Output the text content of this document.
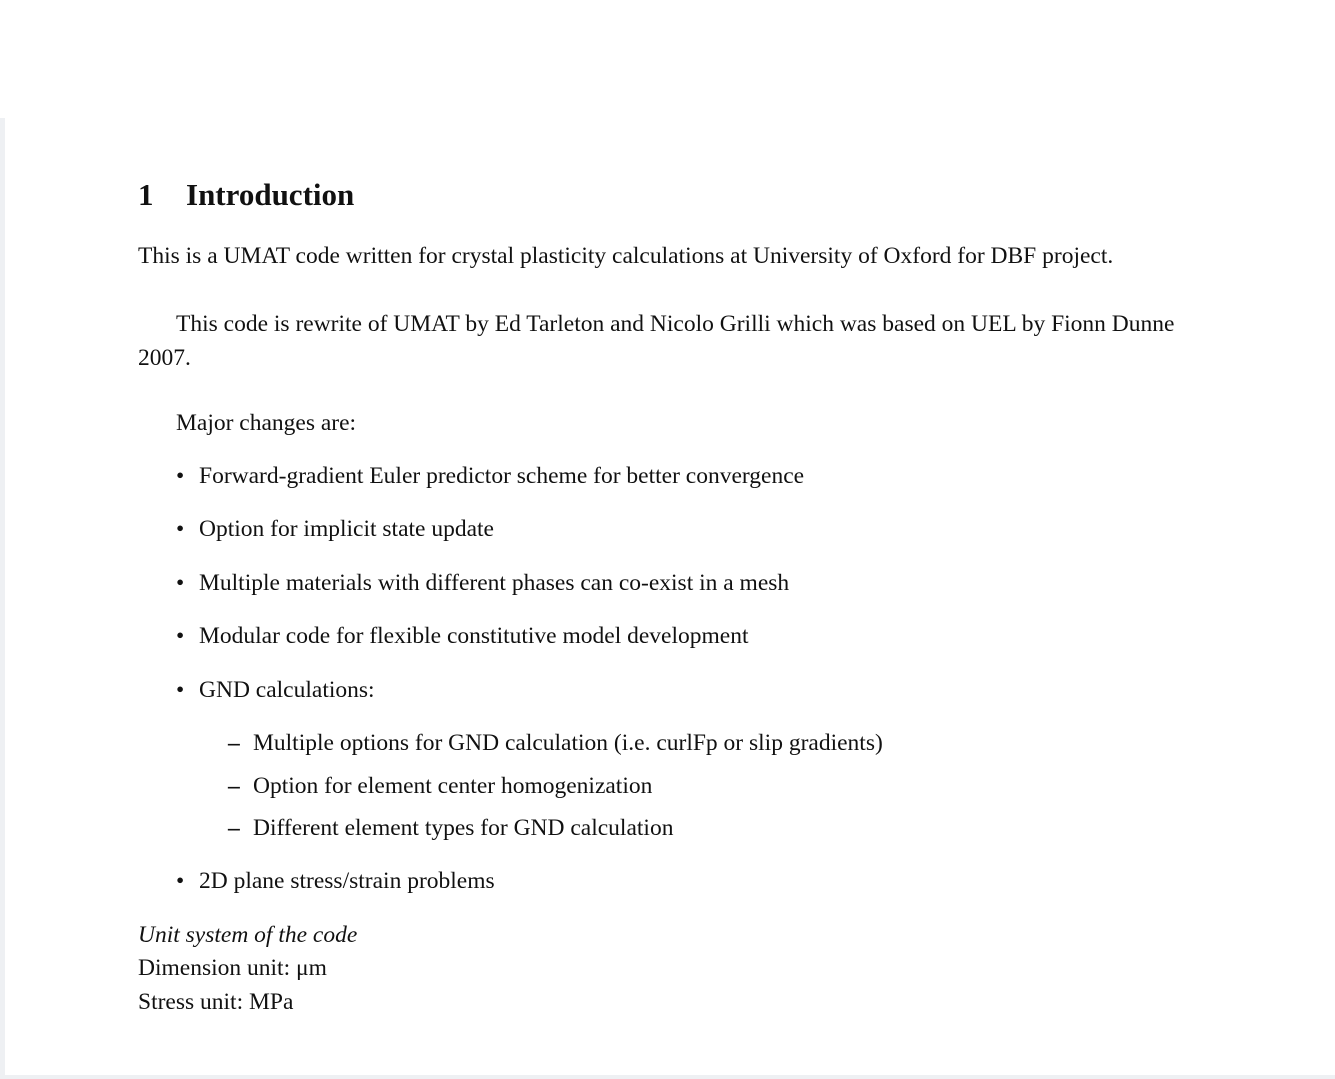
1 Introduction
This is a UMAT code written for crystal plasticity calculations at University of Oxford for DBF project.
This code is rewrite of UMAT by Ed Tarleton and Nicolo Grilli which was based on UEL by Fionn Dunne 2007.
Major changes are:
• Forward-gradient Euler predictor scheme for better convergence
• Option for implicit state update
• Multiple materials with different phases can co-exist in a mesh
• Modular code for flexible constitutive model development
• GND calculations:
– Multiple options for GND calculation (i.e. curlFp or slip gradients)
– Option for element center homogenization
– Different element types for GND calculation
• 2D plane stress/strain problems
Unit system of the code
Dimension unit: μm
Stress unit: MPa
